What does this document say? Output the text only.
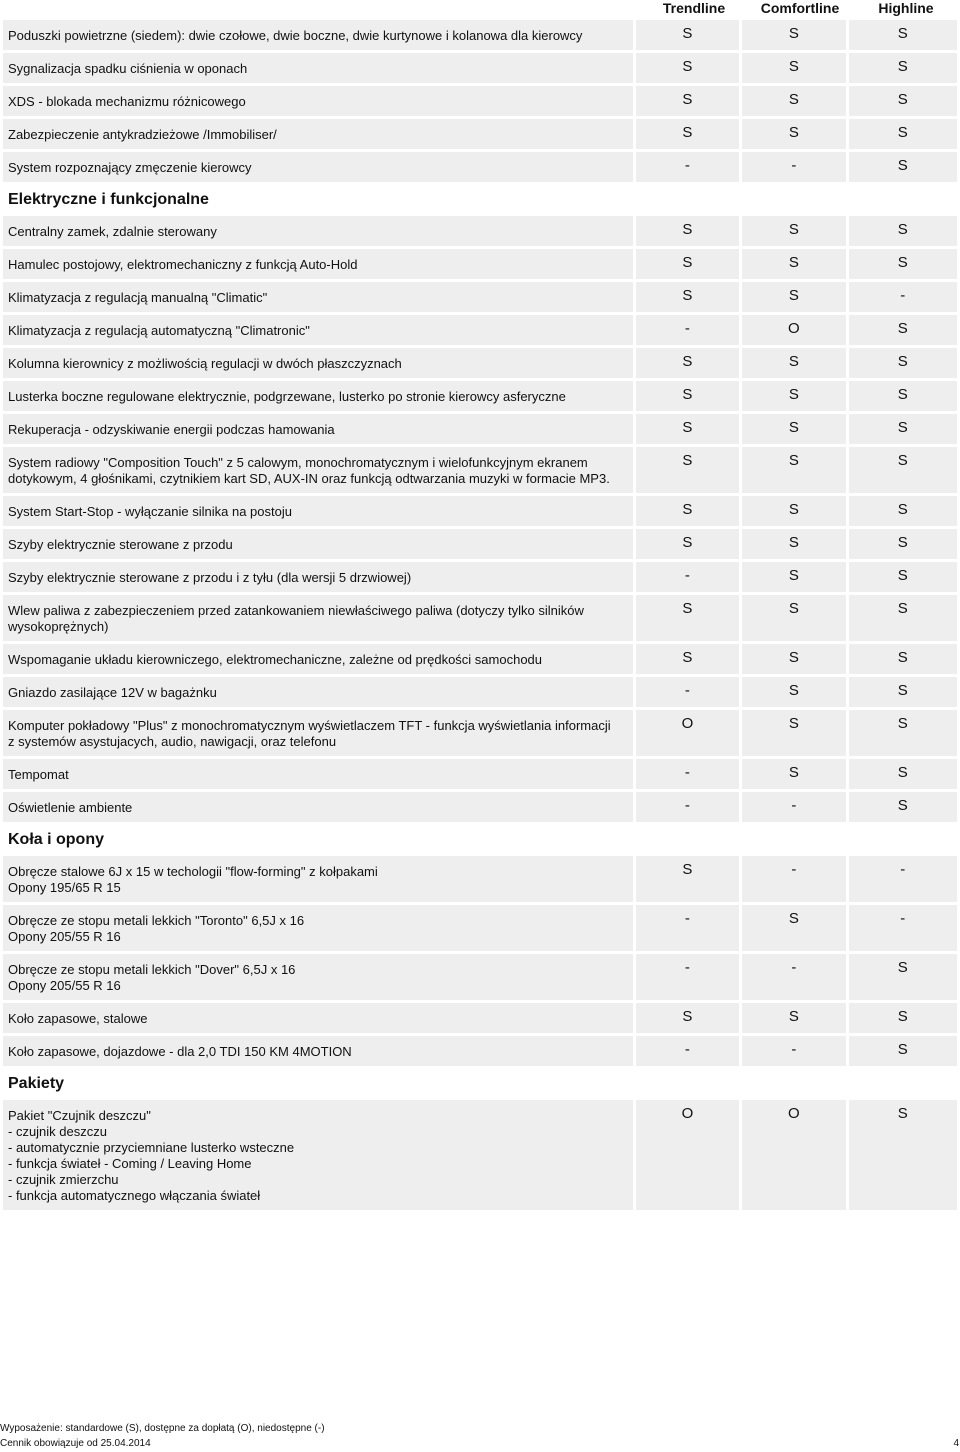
Trendline	Comfortline	Highline
Poduszki powietrzne (siedem): dwie czołowe, dwie boczne, dwie kurtynowe i kolanowa dla kierowcy	S	S	S
Sygnalizacja spadku ciśnienia w oponach	S	S	S
XDS - blokada mechanizmu różnicowego	S	S	S
Zabezpieczenie antykradzieżowe /Immobiliser/	S	S	S
System rozpoznający zmęczenie kierowcy	-	-	S
Elektryczne i funkcjonalne
Centralny zamek, zdalnie sterowany	S	S	S
Hamulec postojowy, elektromechaniczny z funkcją Auto-Hold	S	S	S
Klimatyzacja z regulacją manualną "Climatic"	S	S	-
Klimatyzacja z regulacją automatyczną "Climatronic"	-	O	S
Kolumna kierownicy z możliwością regulacji w dwóch płaszczyznach	S	S	S
Lusterka boczne regulowane elektrycznie, podgrzewane, lusterko po stronie kierowcy asferyczne	S	S	S
Rekuperacja - odzyskiwanie energii podczas hamowania	S	S	S
System radiowy "Composition Touch" z 5 calowym, monochromatycznym i wielofunkcyjnym ekranem
dotykowym, 4 głośnikami, czytnikiem kart SD, AUX-IN oraz funkcją odtwarzania muzyki w formacie MP3.
S	S	S
System Start-Stop - wyłączanie silnika na postoju	S	S	S
Szyby elektrycznie sterowane z przodu	S	S	S
Szyby elektrycznie sterowane z przodu i z tyłu (dla wersji 5 drzwiowej)	-	S	S
Wlew paliwa z zabezpieczeniem przed zatankowaniem niewłaściwego paliwa (dotyczy tylko silników
wysokoprężnych)
S	S	S
Wspomaganie układu kierowniczego, elektromechaniczne, zależne od prędkości samochodu	S	S	S
Gniazdo zasilające 12V w bagażnku	-	S	S
Komputer pokładowy "Plus" z monochromatycznym wyświetlaczem TFT - funkcja wyświetlania informacji
z systemów asystujacych, audio, nawigacji, oraz telefonu
O	S	S
Tempomat	-	S	S
Oświetlenie ambiente	-	-	S
Koła i opony
Obręcze stalowe 6J x 15 w techologii "flow-forming" z kołpakami
Opony 195/65 R 15
S	-	-
Obręcze ze stopu metali lekkich "Toronto" 6,5J x 16
Opony 205/55 R 16
-	S	-
Obręcze ze stopu metali lekkich "Dover" 6,5J x 16
Opony 205/55 R 16
-	-	S
Koło zapasowe, stalowe	S	S	S
Koło zapasowe, dojazdowe - dla 2,0 TDI 150 KM 4MOTION	-	-	S
Pakiety
Pakiet "Czujnik deszczu"
- czujnik deszczu
- automatycznie przyciemniane lusterko wsteczne
- funkcja świateł - Coming / Leaving Home
- czujnik zmierzchu
- funkcja automatycznego włączania świateł
O	O	S
Wyposażenie: standardowe (S), dostępne za dopłatą (O), niedostępne (-)
Cennik obowiązuje od 25.04.2014	4
